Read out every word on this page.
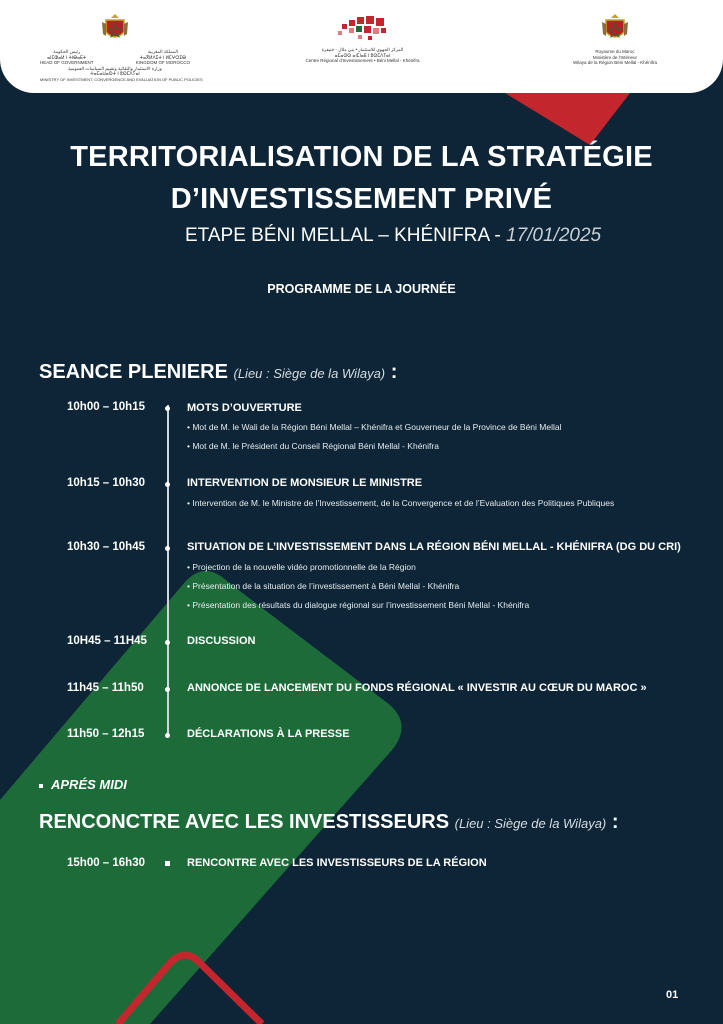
رئيس الحكومة
ⴰⵏⵎⵀⴰⵍ ⵏ ⵜⵏⴱⴰⴹⵜ
HEAD OF GOVERNMENT
المملكة المغربية
ⵜⴰⴳⵍⴷⵉⵜ ⵏ ⵍⵎⵖⵔⵉⴱ
KINGDOM OF MOROCCO
وزارة الاستثمار والتقائية وتقييم السياسات العمومية
ⵜⴰⵎⴰⵡⴰⵙⵜ ⵏ ⵓⵙⵎⴷⵢⴰⵏ
MINISTRY OF INVESTMENT, CONVERGENCE AND EVALUATION OF PUBLIC POLICIES
المركز الجهوي للاستثمار • بني ملال - خنيفرة
ⴰⵎⴰⵙⵙ ⴰⵏⵎⵏⴰⴹ ⵏ ⵓⵙⵎⴷⵢⴰⵏ
Centre Régional d'Investissement • Béni Mellal - Khénifra
Royaume du Maroc
Ministère de l'Intérieur
Wilaya de la Région Béni Mellal - Khénifra
TERRITORIALISATION DE LA STRATÉGIE
D’INVESTISSEMENT PRIVÉ
ETAPE BÉNI MELLAL – KHÉNIFRA - 17/01/2025
PROGRAMME DE LA JOURNÉE
SEANCE PLENIERE (Lieu : Siège de la Wilaya) :
10h00 – 10h15	MOTS D’OUVERTURE
• Mot de M. le Wali de la Région Béni Mellal – Khénifra et Gouverneur de la Province de Béni Mellal
• Mot de M. le Président du Conseil Régional Béni Mellal - Khénifra
10h15 – 10h30	INTERVENTION DE MONSIEUR LE MINISTRE
• Intervention de M. le Ministre de l’Investissement, de la Convergence et de l’Evaluation des Politiques Publiques
10h30 – 10h45	SITUATION DE L’INVESTISSEMENT DANS LA RÉGION BÉNI MELLAL - KHÉNIFRA (DG DU CRI)
• Projection de la nouvelle vidéo promotionnelle de la Région
• Présentation de la situation de l’investissement à Béni Mellal - Khénifra
• Présentation des résultats du dialogue régional sur l’investissement Béni Mellal - Khénifra
10H45 – 11H45	DISCUSSION
11h45 – 11h50	ANNONCE DE LANCEMENT DU FONDS RÉGIONAL « INVESTIR AU CŒUR DU MAROC »
11h50 – 12h15	DÉCLARATIONS À LA PRESSE
APRÉS MIDI
RENCONCTRE AVEC LES INVESTISSEURS (Lieu : Siège de la Wilaya) :
15h00 – 16h30	RENCONTRE AVEC LES INVESTISSEURS DE LA RÉGION
01
